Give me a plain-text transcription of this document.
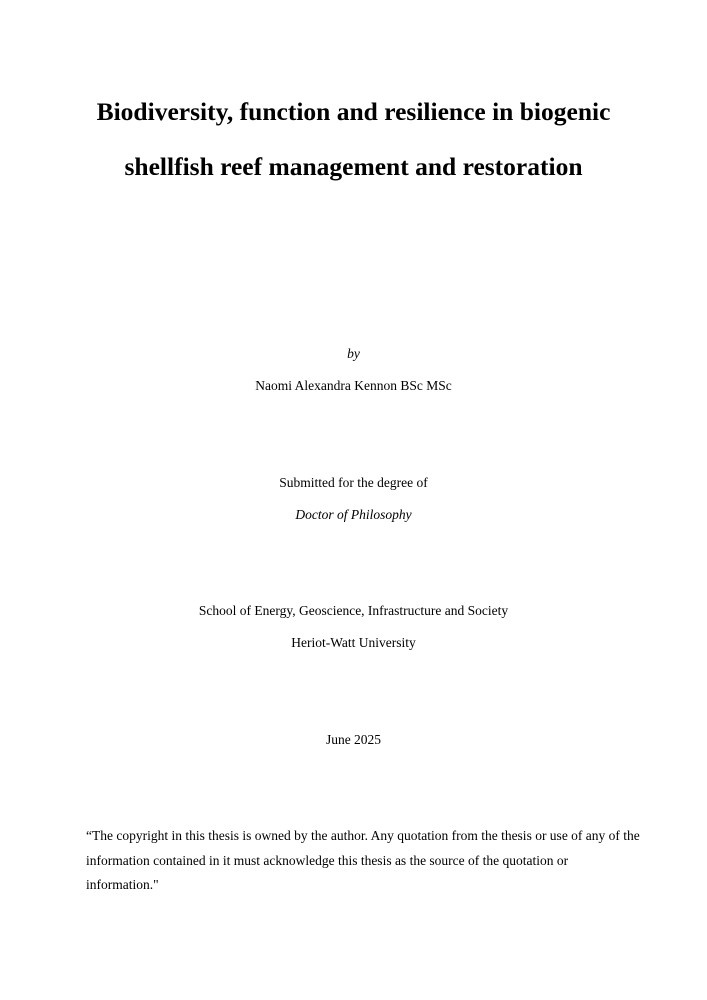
Biodiversity, function and resilience in biogenic
shellfish reef management and restoration
by
Naomi Alexandra Kennon BSc MSc
Submitted for the degree of
Doctor of Philosophy
School of Energy, Geoscience, Infrastructure and Society
Heriot-Watt University
June 2025
“The copyright in this thesis is owned by the author. Any quotation from the thesis or use of any of the
information contained in it must acknowledge this thesis as the source of the quotation or
information."
